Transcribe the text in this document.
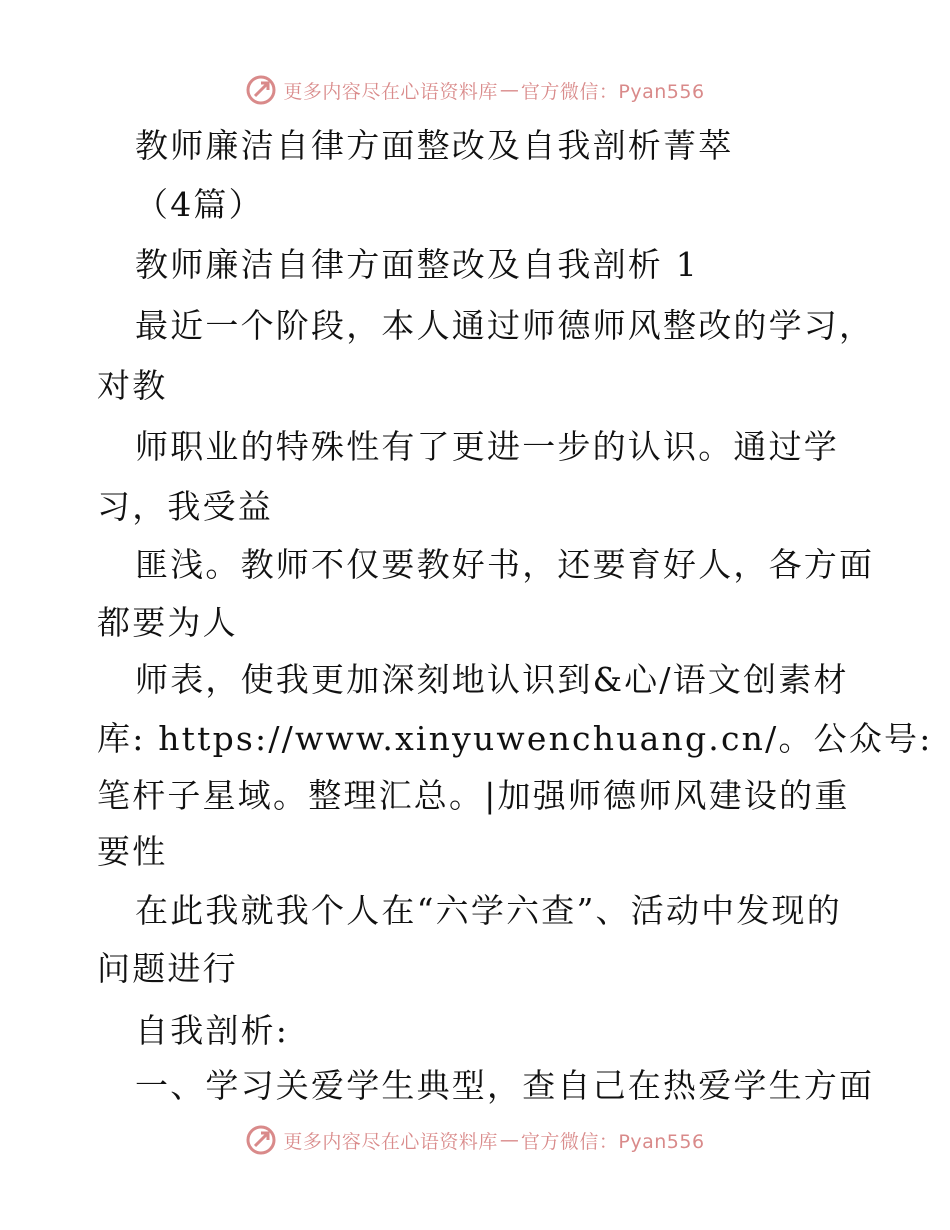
更多内容尽在心语资料库 — 官方微信：Pyan556
教师廉洁自律方面整改及自我剖析菁萃

（4篇）

教师廉洁自律方面整改及自我剖析 1

最近一个阶段，本人通过师德师风整改的学习，

对教

师职业的特殊性有了更进一步的认识。通过学

习，我受益

匪浅。教师不仅要教好书，还要育好人，各方面

都要为人

师表，使我更加深刻地认识到&心/语文创素材

库: https://www.xinyuwenchuang.cn/。公众号:

笔杆子星域。整理汇总。|加强师德师风建设的重

要性

在此我就我个人在“六学六查”、活动中发现的

问题进行

自我剖析:

一、学习关爱学生典型，查自己在热爱学生方面

更多内容尽在心语资料库 — 官方微信：Pyan556
